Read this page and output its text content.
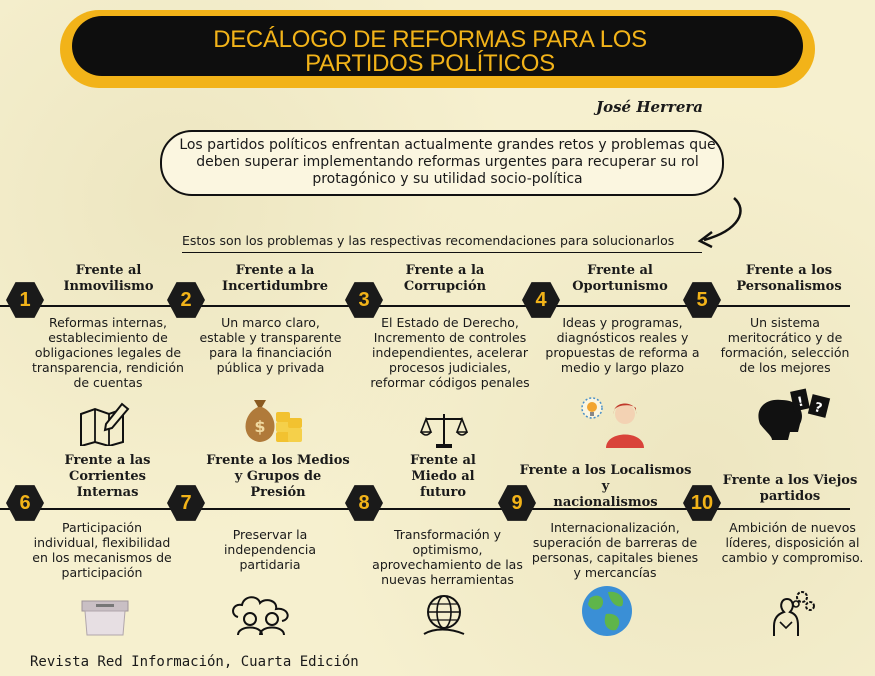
DECÁLOGO DE REFORMAS PARA LOS
PARTIDOS POLÍTICOS
José Herrera
Los partidos políticos enfrentan actualmente grandes retos y problemas que
deben superar implementando reformas urgentes para recuperar su rol
protagónico y su utilidad socio-política
Estos son los problemas y las respectivas recomendaciones para solucionarlos
1
Frente al
Inmovilismo
Reformas internas,
establecimiento de
obligaciones legales de
transparencia, rendición
de cuentas
2
Frente a la
Incertidumbre
Un marco claro,
estable y transparente
para la financiación
pública y privada
$
3
Frente a la
Corrupción
El Estado de Derecho,
Incremento de controles
independientes, acelerar
procesos judiciales,
reformar códigos penales
4
Frente al
Oportunismo
Ideas y programas,
diagnósticos reales y
propuestas de reforma a
medio y largo plazo
5
Frente a los
Personalismos
Un sistema
meritocrático y de
formación, selección
de los mejores
! ?
6
Frente a las
Corrientes
Internas
Participación
individual, flexibilidad
en los mecanismos de
participación
7
Frente a los Medios
y Grupos de
Presión
Preservar la
independencia
partidaria
8
Frente al
Miedo al
futuro
Transformación y
optimismo,
aprovechamiento de las
nuevas herramientas
9
Frente a los Localismos y
nacionalismos
Internacionalización,
superación de barreras de
personas, capitales bienes
y mercancías
10
Frente a los Viejos
partidos
Ambición de nuevos
líderes, disposición al
cambio y compromiso.
Revista Red Información, Cuarta Edición
